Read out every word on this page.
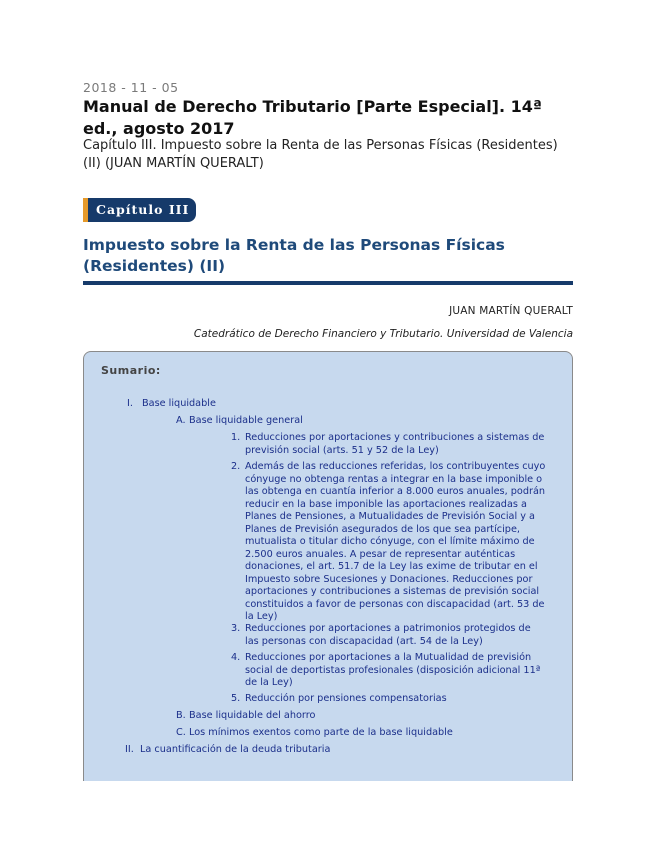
2018 - 11 - 05
Manual de Derecho Tributario [Parte Especial]. 14ª ed., agosto 2017

Capítulo III. Impuesto sobre la Renta de las Personas Físicas (Residentes) (II) (JUAN MARTÍN QUERALT)

Capítulo III
Impuesto sobre la Renta de las Personas Físicas (Residentes) (II)
JUAN MARTÍN QUERALT
Catedrático de Derecho Financiero y Tributario. Universidad de Valencia
Sumario:
I. Base liquidable
A. Base liquidable general
1. Reducciones por aportaciones y contribuciones a sistemas de previsión social (arts. 51 y 52 de la Ley)
2. Además de las reducciones referidas, los contribuyentes cuyo cónyuge no obtenga rentas a integrar en la base imponible o las obtenga en cuantía inferior a 8.000 euros anuales, podrán reducir en la base imponible las aportaciones realizadas a Planes de Pensiones, a Mutualidades de Previsión Social y a Planes de Previsión asegurados de los que sea partícipe, mutualista o titular dicho cónyuge, con el límite máximo de 2.500 euros anuales. A pesar de representar auténticas donaciones, el art. 51.7 de la Ley las exime de tributar en el Impuesto sobre Sucesiones y Donaciones. Reducciones por aportaciones y contribuciones a sistemas de previsión social constituidos a favor de personas con discapacidad (art. 53 de la Ley)
3. Reducciones por aportaciones a patrimonios protegidos de las personas con discapacidad (art. 54 de la Ley)
4. Reducciones por aportaciones a la Mutualidad de previsión social de deportistas profesionales (disposición adicional 11ª de la Ley)
5. Reducción por pensiones compensatorias
B. Base liquidable del ahorro
C. Los mínimos exentos como parte de la base liquidable
II. La cuantificación de la deuda tributaria
